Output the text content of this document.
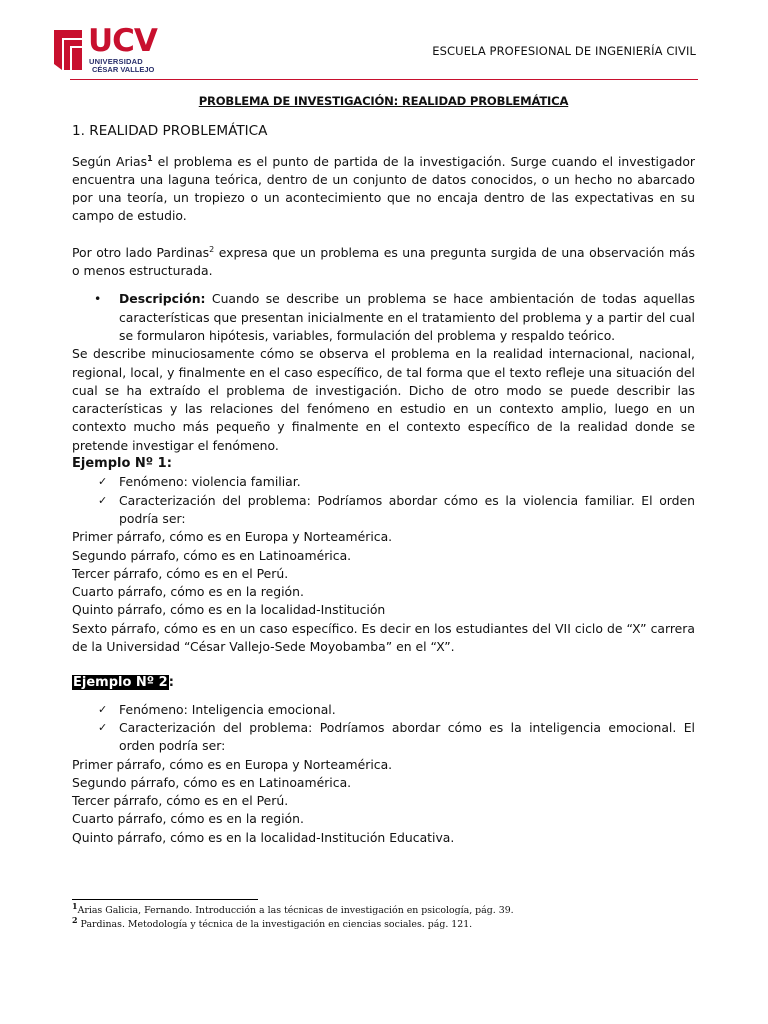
UCV
UNIVERSIDAD
CÉSAR VALLEJO
ESCUELA PROFESIONAL DE INGENIERÍA CIVIL
PROBLEMA DE INVESTIGACIÓN: REALIDAD PROBLEMÁTICA
1. REALIDAD PROBLEMÁTICA

Según Arias$^1$ el problema es el punto de partida de la investigación. Surge cuando el investigador encuentra una laguna teórica, dentro de un conjunto de datos conocidos, o un hecho no abarcado por una teoría, un tropiezo o un acontecimiento que no encaja dentro de las expectativas en su campo de estudio.

Por otro lado Pardinas$^2$ expresa que un problema es una pregunta surgida de una observación más o menos estructurada.

• Descripción: Cuando se describe un problema se hace ambientación de todas aquellas características que presentan inicialmente en el tratamiento del problema y a partir del cual se formularon hipótesis, variables, formulación del problema y respaldo teórico.

Se describe minuciosamente cómo se observa el problema en la realidad internacional, nacional, regional, local, y finalmente en el caso específico, de tal forma que el texto refleje una situación del cual se ha extraído el problema de investigación. Dicho de otro modo se puede describir las características y las relaciones del fenómeno en estudio en un contexto amplio, luego en un contexto mucho más pequeño y finalmente en el contexto específico de la realidad donde se pretende investigar el fenómeno.

Ejemplo Nº 1:
✓ Fenómeno: violencia familiar.
✓ Caracterización del problema: Podríamos abordar cómo es la violencia familiar. El orden podría ser:

Primer párrafo, cómo es en Europa y Norteamérica.

Segundo párrafo, cómo es en Latinoamérica.

Tercer párrafo, cómo es en el Perú.

Cuarto párrafo, cómo es en la región.

Quinto párrafo, cómo es en la localidad-Institución

Sexto párrafo, cómo es en un caso específico. Es decir en los estudiantes del VII ciclo de “X” carrera de la Universidad “César Vallejo-Sede Moyobamba” en el “X”.

Ejemplo Nº 2:
✓ Fenómeno: Inteligencia emocional.
✓ Caracterización del problema: Podríamos abordar cómo es la inteligencia emocional. El orden podría ser:

Primer párrafo, cómo es en Europa y Norteamérica.

Segundo párrafo, cómo es en Latinoamérica.

Tercer párrafo, cómo es en el Perú.

Cuarto párrafo, cómo es en la región.

Quinto párrafo, cómo es en la localidad-Institución Educativa.

$^1$Arias Galicia, Fernando. Introducción a las técnicas de investigación en psicología, pág. 39.
$^2$ Pardinas. Metodología y técnica de la investigación en ciencias sociales. pág. 121.
